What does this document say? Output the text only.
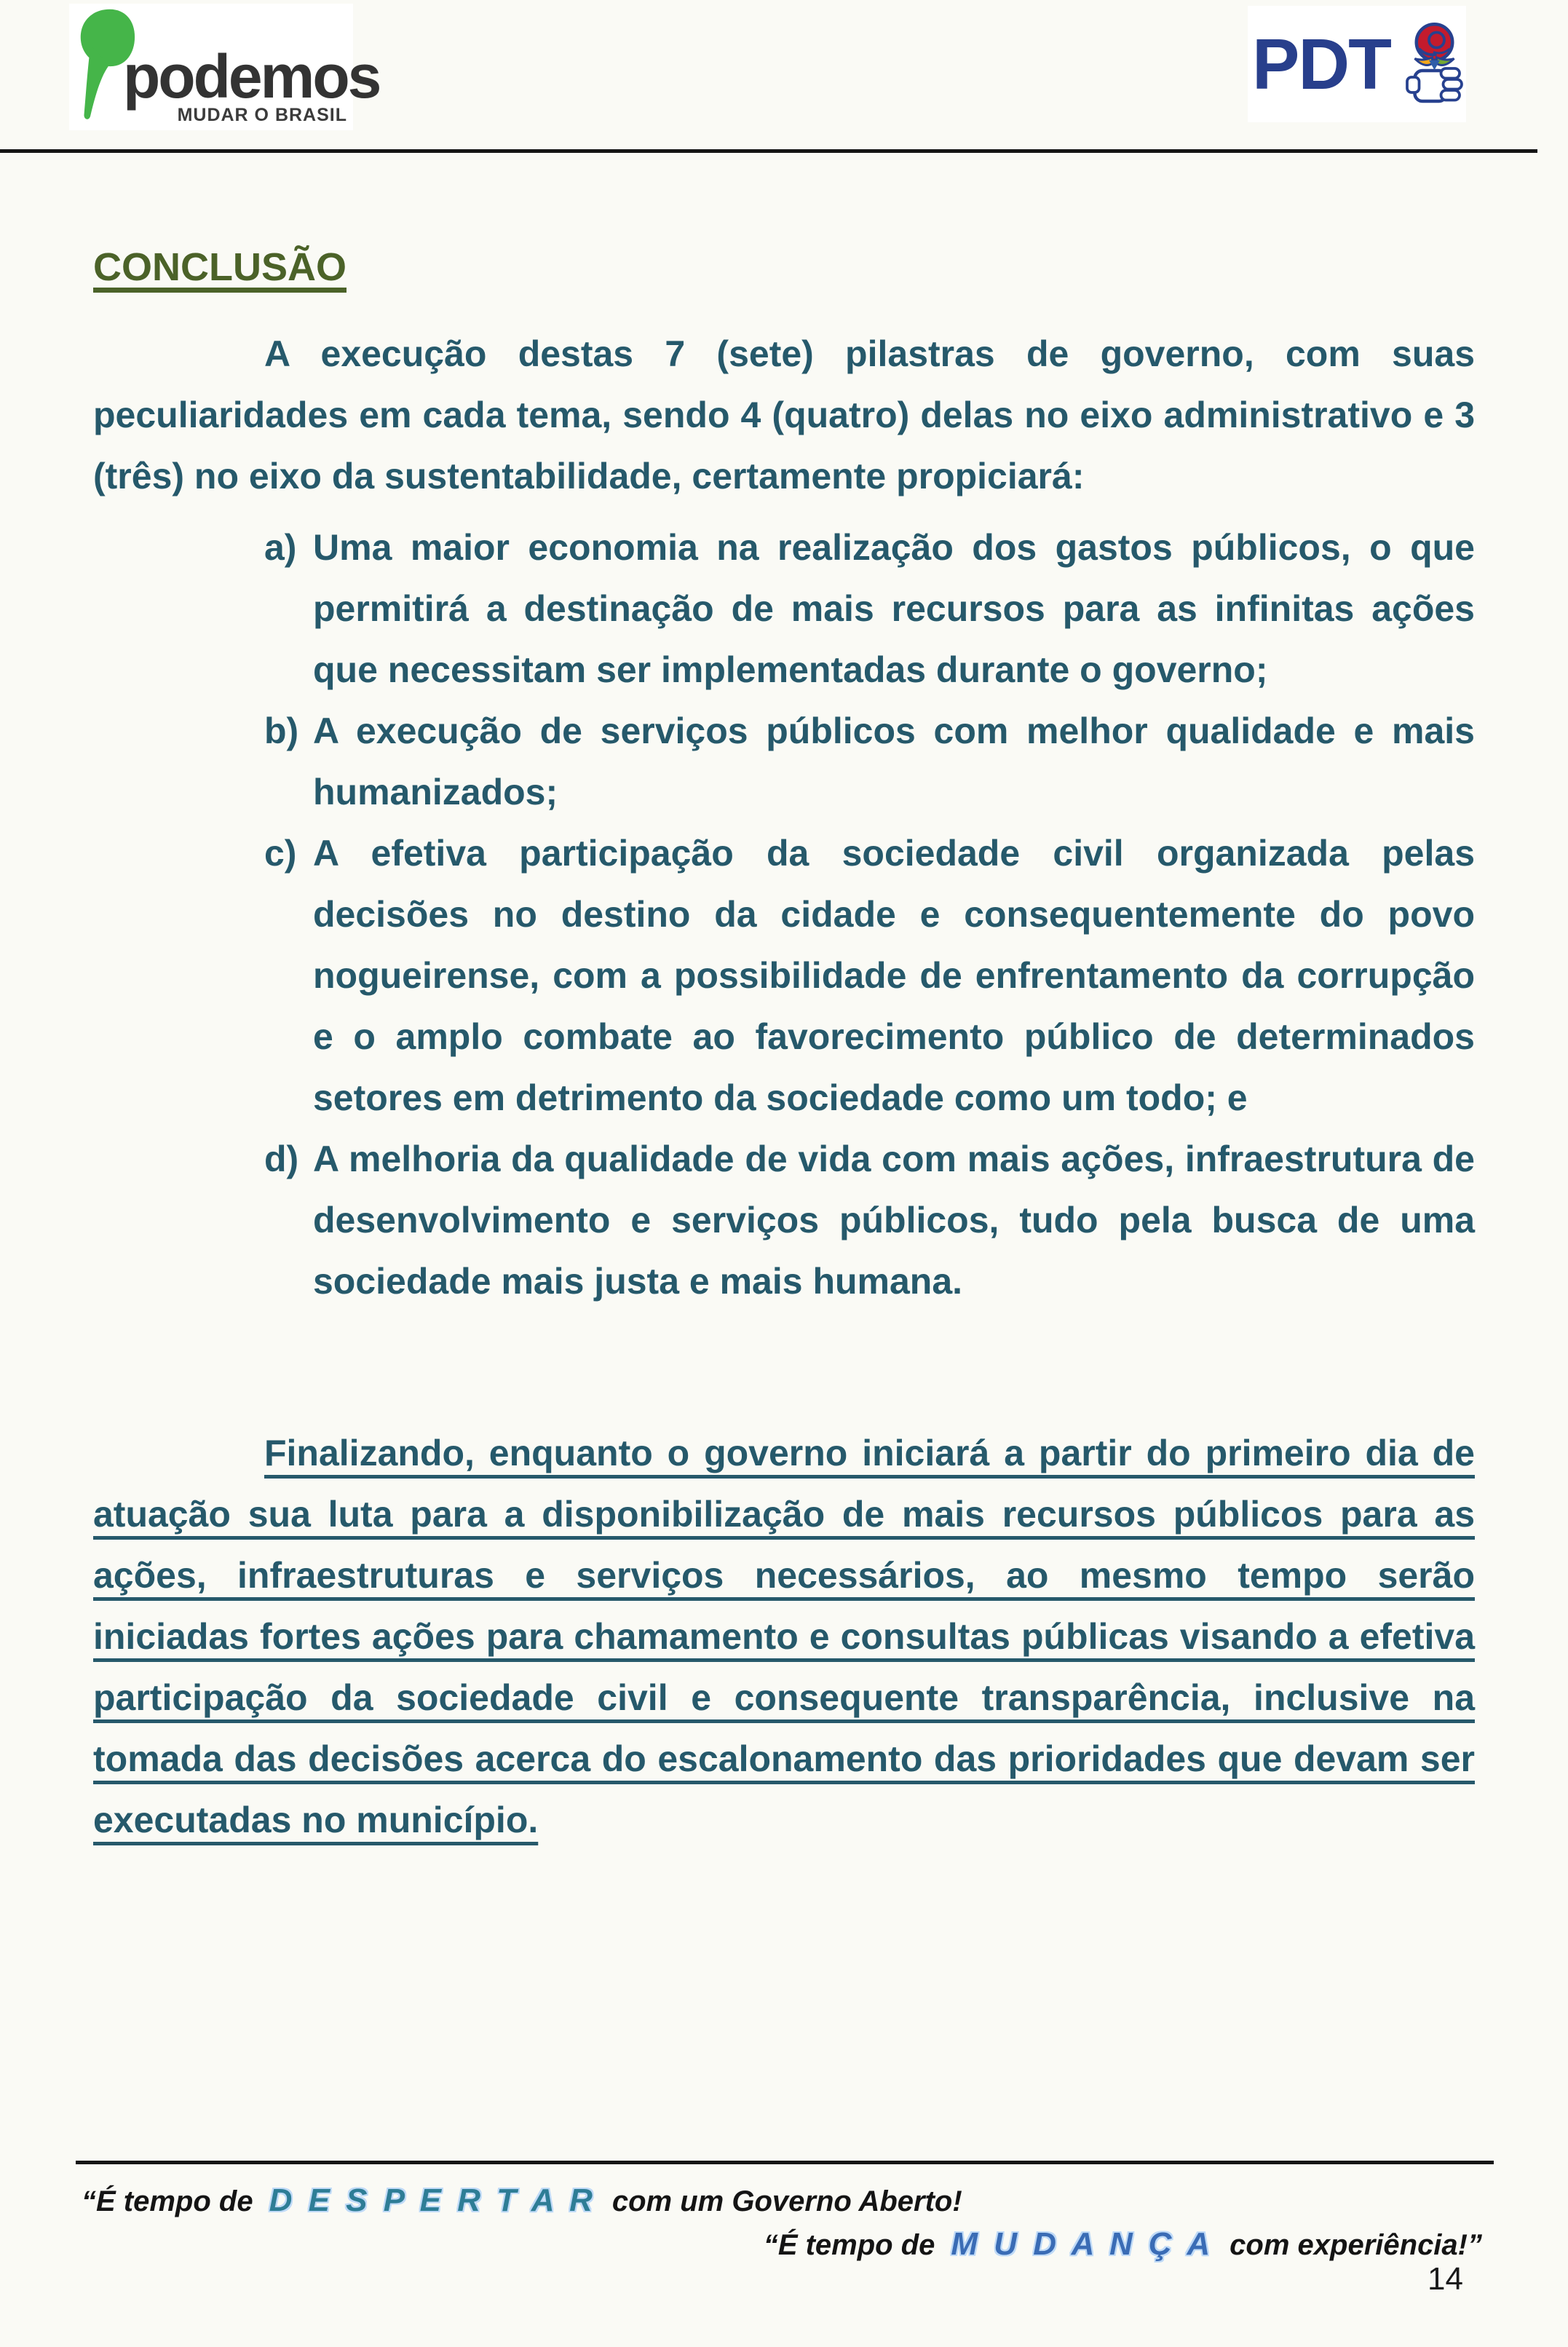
podemos
MUDAR O BRASIL
PDT
CONCLUSÃO

A execução destas 7 (sete) pilastras de governo, com suas peculiaridades em cada tema, sendo 4 (quatro) delas no eixo administrativo e 3 (três) no eixo da sustentabilidade, certamente propiciará:

a) Uma maior economia na realização dos gastos públicos, o que permitirá a destinação de mais recursos para as infinitas ações que necessitam ser implementadas durante o governo;
b) A execução de serviços públicos com melhor qualidade e mais humanizados;
c) A efetiva participação da sociedade civil organizada pelas decisões no destino da cidade e consequentemente do povo nogueirense, com a possibilidade de enfrentamento da corrupção e o amplo combate ao favorecimento público de determinados setores em detrimento da sociedade como um todo; e
d) A melhoria da qualidade de vida com mais ações, infraestrutura de desenvolvimento e serviços públicos, tudo pela busca de uma sociedade mais justa e mais humana.

Finalizando, enquanto o governo iniciará a partir do primeiro dia de atuação sua luta para a disponibilização de mais recursos públicos para as ações, infraestruturas e serviços necessários, ao mesmo tempo serão iniciadas fortes ações para chamamento e consultas públicas visando a efetiva participação da sociedade civil e consequente transparência, inclusive na tomada das decisões acerca do escalonamento das prioridades que devam ser executadas no município.

“É tempo de D E S P E R T A R com um Governo Aberto!
“É tempo de M U D A N Ç A com experiência!”
14
